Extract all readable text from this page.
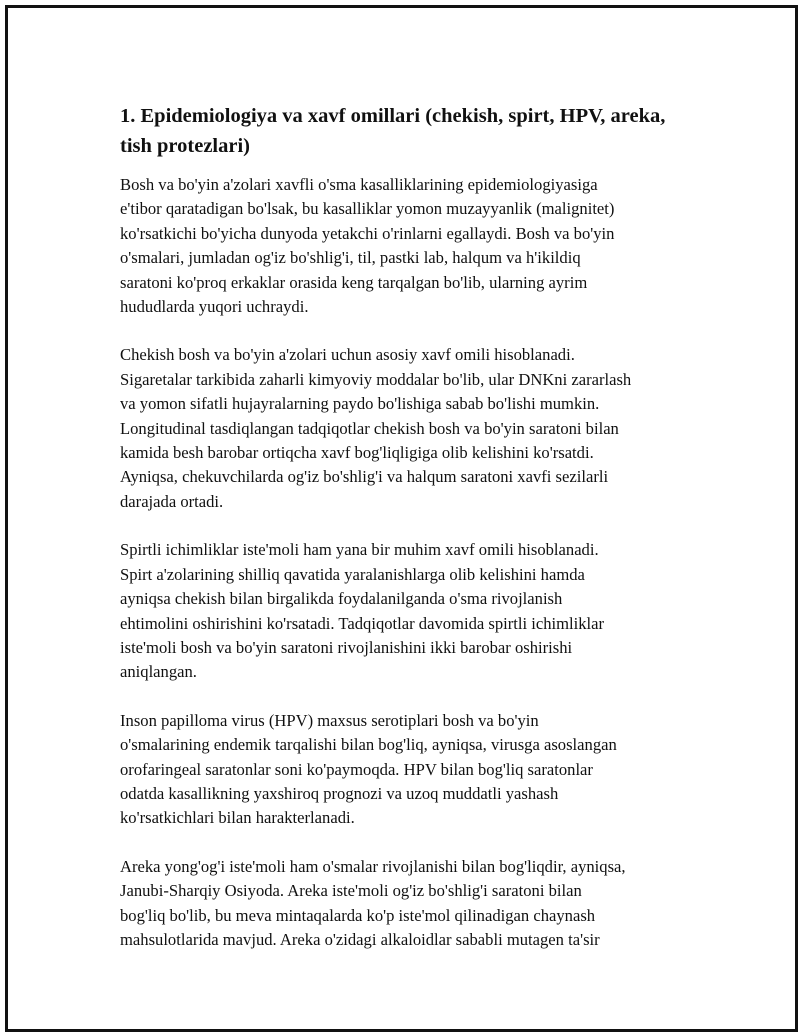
1. Epidemiologiya va xavf omillari (chekish, spirt, HPV, areka,
tish protezlari)

Bosh va bo'yin a'zolari xavfli o'sma kasalliklarining epidemiologiyasiga
e'tibor qaratadigan bo'lsak, bu kasalliklar yomon muzayyanlik (malignitet)
ko'rsatkichi bo'yicha dunyoda yetakchi o'rinlarni egallaydi. Bosh va bo'yin
o'smalari, jumladan og'iz bo'shlig'i, til, pastki lab, halqum va h'ikildiq
saratoni ko'proq erkaklar orasida keng tarqalgan bo'lib, ularning ayrim
hududlarda yuqori uchraydi.

Chekish bosh va bo'yin a'zolari uchun asosiy xavf omili hisoblanadi.
Sigaretalar tarkibida zaharli kimyoviy moddalar bo'lib, ular DNKni zararlash
va yomon sifatli hujayralarning paydo bo'lishiga sabab bo'lishi mumkin.
Longitudinal tasdiqlangan tadqiqotlar chekish bosh va bo'yin saratoni bilan
kamida besh barobar ortiqcha xavf bog'liqligiga olib kelishini ko'rsatdi.
Ayniqsa, chekuvchilarda og'iz bo'shlig'i va halqum saratoni xavfi sezilarli
darajada ortadi.

Spirtli ichimliklar iste'moli ham yana bir muhim xavf omili hisoblanadi.
Spirt a'zolarining shilliq qavatida yaralanishlarga olib kelishini hamda
ayniqsa chekish bilan birgalikda foydalanilganda o'sma rivojlanish
ehtimolini oshirishini ko'rsatadi. Tadqiqotlar davomida spirtli ichimliklar
iste'moli bosh va bo'yin saratoni rivojlanishini ikki barobar oshirishi
aniqlangan.

Inson papilloma virus (HPV) maxsus serotiplari bosh va bo'yin
o'smalarining endemik tarqalishi bilan bog'liq, ayniqsa, virusga asoslangan
orofaringeal saratonlar soni ko'paymoqda. HPV bilan bog'liq saratonlar
odatda kasallikning yaxshiroq prognozi va uzoq muddatli yashash
ko'rsatkichlari bilan harakterlanadi.

Areka yong'og'i iste'moli ham o'smalar rivojlanishi bilan bog'liqdir, ayniqsa,
Janubi-Sharqiy Osiyoda. Areka iste'moli og'iz bo'shlig'i saratoni bilan
bog'liq bo'lib, bu meva mintaqalarda ko'p iste'mol qilinadigan chaynash
mahsulotlarida mavjud. Areka o'zidagi alkaloidlar sababli mutagen ta'sir
